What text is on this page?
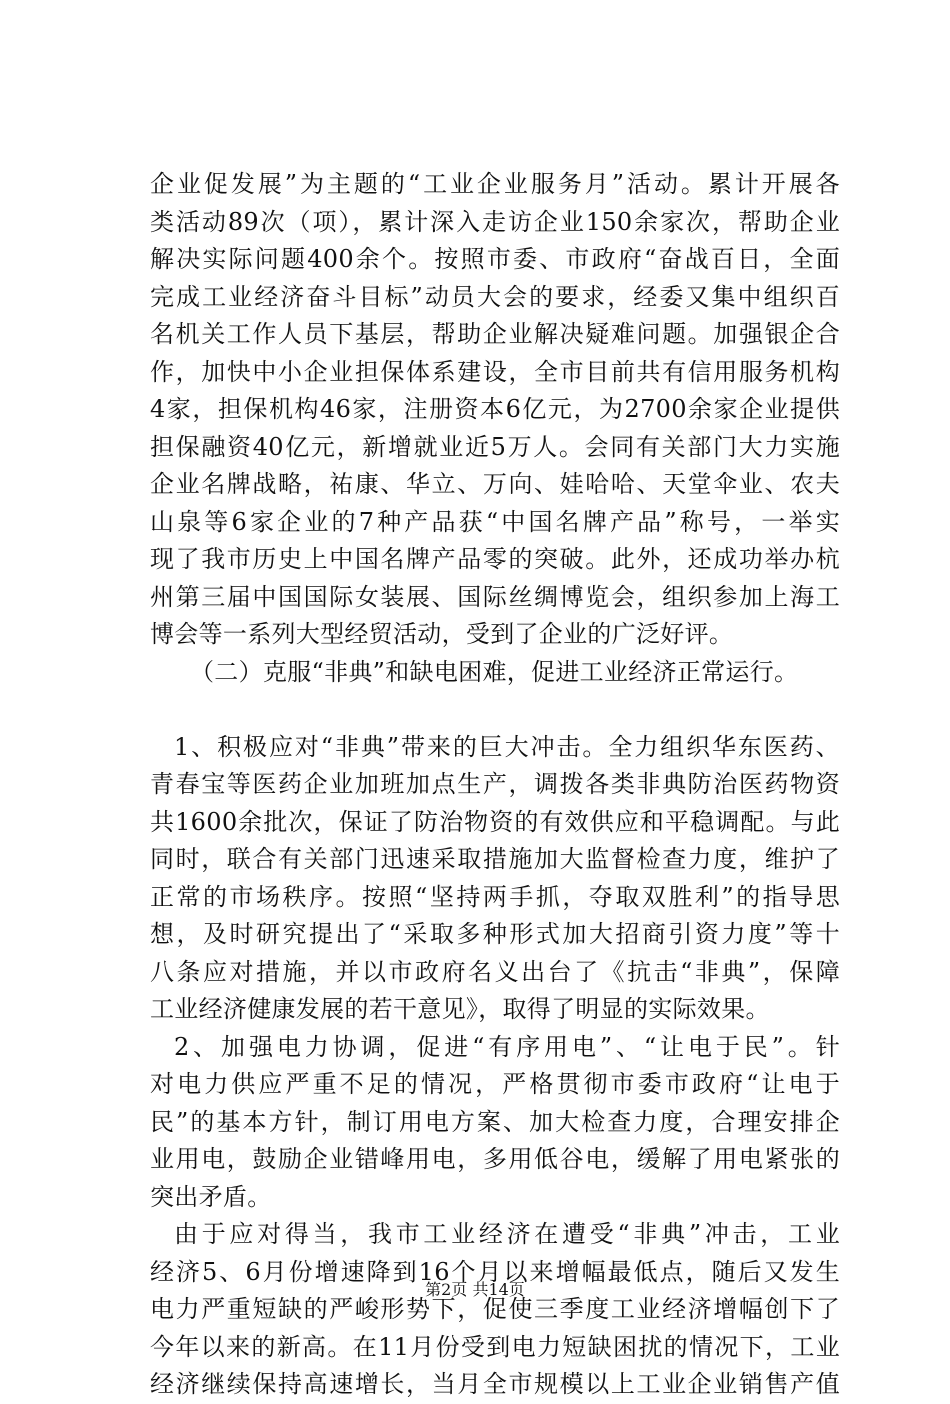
企业促发展”为主题的“工业企业服务月”活动。累计开展各
类活动89次（项），累计深入走访企业150余家次，帮助企业
解决实际问题400余个。按照市委、市政府“奋战百日，全面
完成工业经济奋斗目标”动员大会的要求，经委又集中组织百
名机关工作人员下基层，帮助企业解决疑难问题。加强银企合
作，加快中小企业担保体系建设，全市目前共有信用服务机构
4家，担保机构46家，注册资本6亿元，为2700余家企业提供
担保融资40亿元，新增就业近5万人。会同有关部门大力实施
企业名牌战略，祐康、华立、万向、娃哈哈、天堂伞业、农夫
山泉等6家企业的7种产品获“中国名牌产品”称号，一举实
现了我市历史上中国名牌产品零的突破。此外，还成功举办杭
州第三届中国国际女装展、国际丝绸博览会，组织参加上海工
博会等一系列大型经贸活动，受到了企业的广泛好评。
（二）克服“非典”和缺电困难，促进工业经济正常运行。
1、积极应对“非典”带来的巨大冲击。全力组织华东医药、
青春宝等医药企业加班加点生产，调拨各类非典防治医药物资
共1600余批次，保证了防治物资的有效供应和平稳调配。与此
同时，联合有关部门迅速采取措施加大监督检查力度，维护了
正常的市场秩序。按照“坚持两手抓，夺取双胜利”的指导思
想，及时研究提出了“采取多种形式加大招商引资力度”等十
八条应对措施，并以市政府名义出台了《抗击“非典”，保障
工业经济健康发展的若干意见》，取得了明显的实际效果。
2、加强电力协调，促进“有序用电”、“让电于民”。针
对电力供应严重不足的情况，严格贯彻市委市政府“让电于
民”的基本方针，制订用电方案、加大检查力度，合理安排企
业用电，鼓励企业错峰用电，多用低谷电，缓解了用电紧张的
突出矛盾。
由于应对得当，我市工业经济在遭受“非典”冲击，工业
经济5、6月份增速降到16个月以来增幅最低点，随后又发生
电力严重短缺的严峻形势下，促使三季度工业经济增幅创下了
今年以来的新高。在11月份受到电力短缺困扰的情况下，工业
经济继续保持高速增长，当月全市规模以上工业企业销售产值
第2页 共14页
